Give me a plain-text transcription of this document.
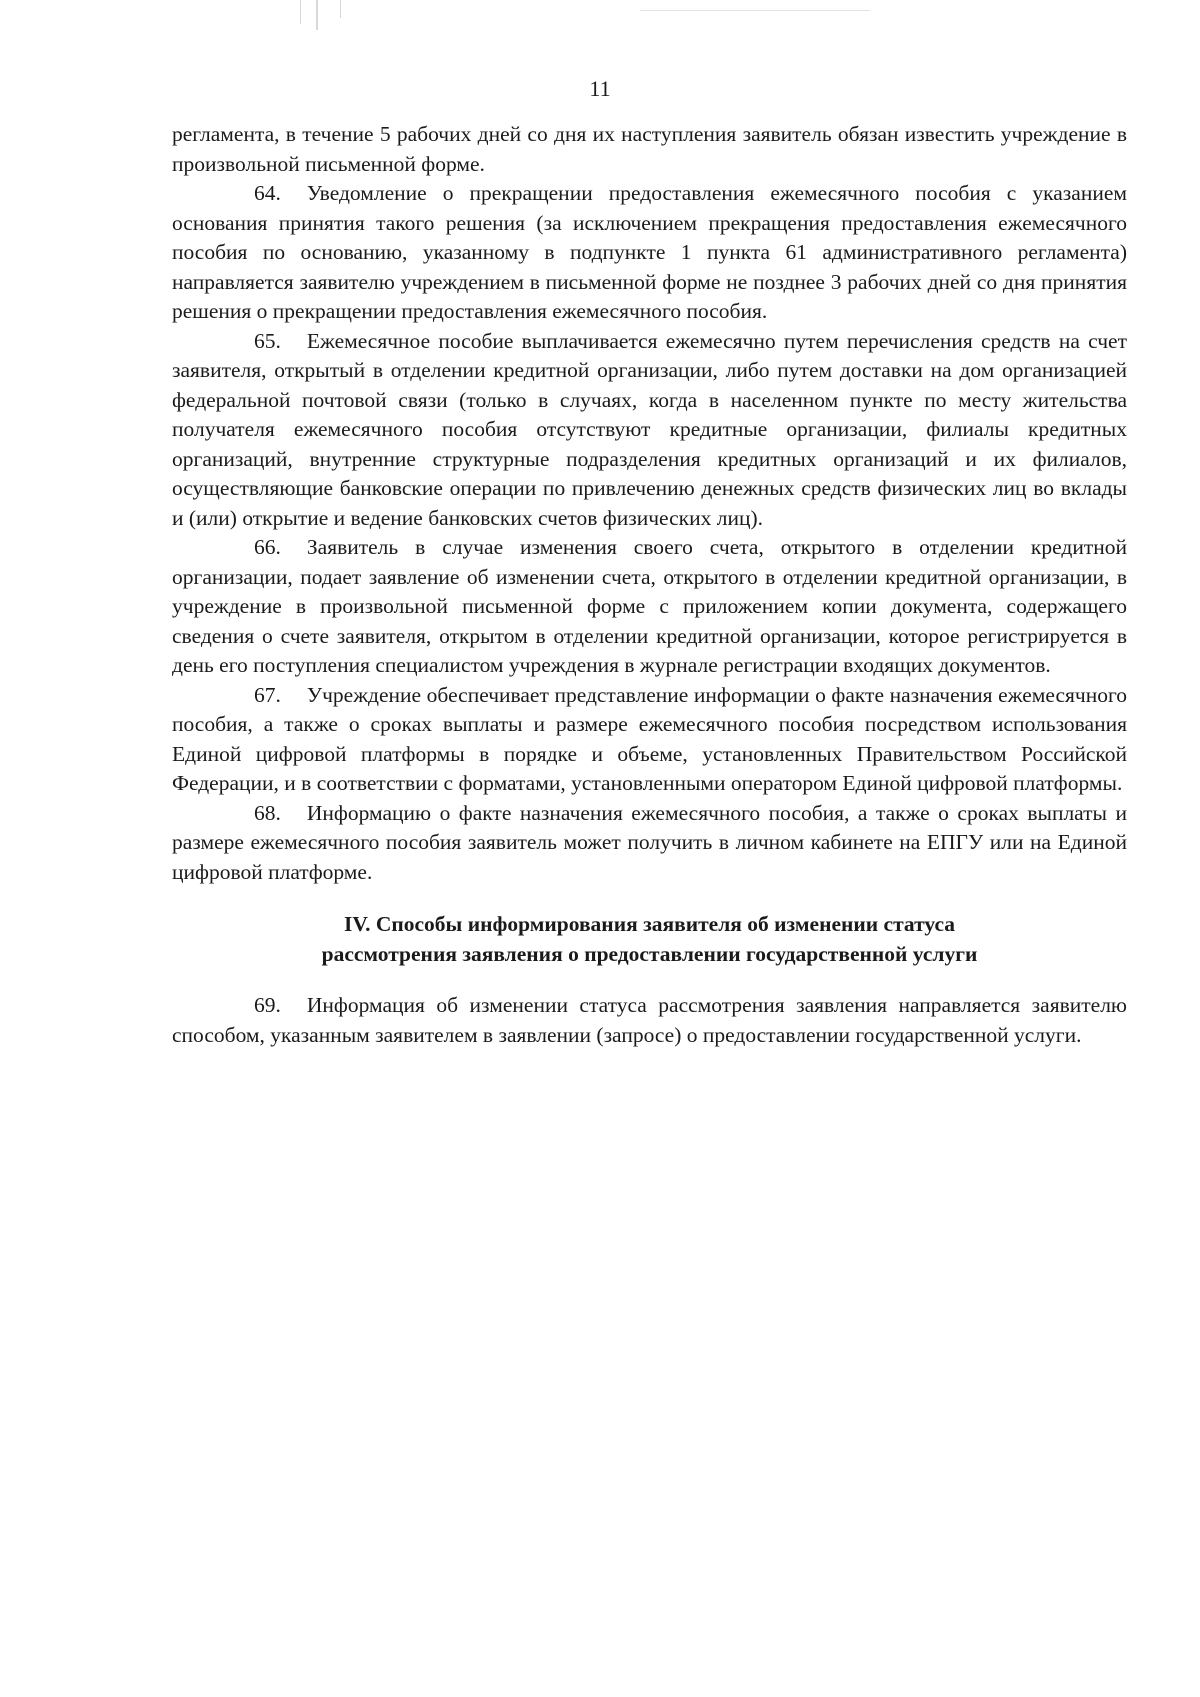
11

регламента, в течение 5 рабочих дней со дня их наступления заявитель обязан известить учреждение в произвольной письменной форме.

64. Уведомление о прекращении предоставления ежемесячного пособия с указанием основания принятия такого решения (за исключением прекращения предоставления ежемесячного пособия по основанию, указанному в подпункте 1 пункта 61 административного регламента) направляется заявителю учреждением в письменной форме не позднее 3 рабочих дней со дня принятия решения о прекращении предоставления ежемесячного пособия.

65. Ежемесячное пособие выплачивается ежемесячно путем перечисления средств на счет заявителя, открытый в отделении кредитной организации, либо путем доставки на дом организацией федеральной почтовой связи (только в случаях, когда в населенном пункте по месту жительства получателя ежемесячного пособия отсутствуют кредитные организации, филиалы кредитных организаций, внутренние структурные подразделения кредитных организаций и их филиалов, осуществляющие банковские операции по привлечению денежных средств физических лиц во вклады и (или) открытие и ведение банковских счетов физических лиц).

66. Заявитель в случае изменения своего счета, открытого в отделении кредитной организации, подает заявление об изменении счета, открытого в отделении кредитной организации, в учреждение в произвольной письменной форме с приложением копии документа, содержащего сведения о счете заявителя, открытом в отделении кредитной организации, которое регистрируется в день его поступления специалистом учреждения в журнале регистрации входящих документов.

67. Учреждение обеспечивает представление информации о факте назначения ежемесячного пособия, а также о сроках выплаты и размере ежемесячного пособия посредством использования Единой цифровой платформы в порядке и объеме, установленных Правительством Российской Федерации, и в соответствии с форматами, установленными оператором Единой цифровой платформы.

68. Информацию о факте назначения ежемесячного пособия, а также о сроках выплаты и размере ежемесячного пособия заявитель может получить в личном кабинете на ЕПГУ или на Единой цифровой платформе.

IV. Способы информирования заявителя об изменении статуса
рассмотрения заявления о предоставлении государственной услуги

69. Информация об изменении статуса рассмотрения заявления направляется заявителю способом, указанным заявителем в заявлении (запросе) о предоставлении государственной услуги.
